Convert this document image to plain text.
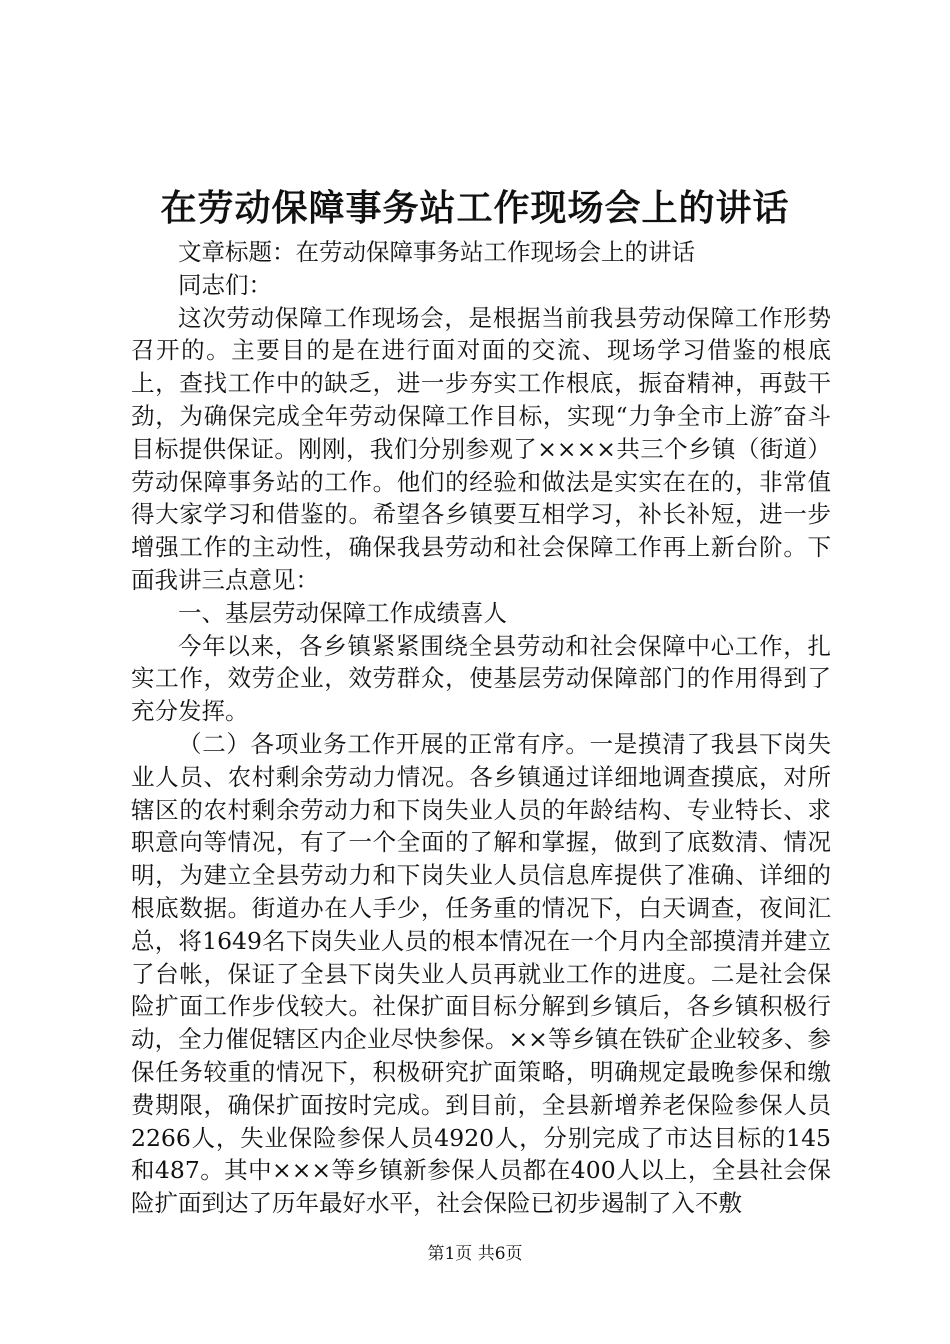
在劳动保障事务站工作现场会上的讲话

文章标题：在劳动保障事务站工作现场会上的讲话

同志们：

这次劳动保障工作现场会，是根据当前我县劳动保障工作形势召开的。主要目的是在进行面对面的交流、现场学习借鉴的根底上，查找工作中的缺乏，进一步夯实工作根底，振奋精神，再鼓干劲，为确保完成全年劳动保障工作目标，实现“力争全市上游″奋斗目标提供保证。刚刚，我们分别参观了××××共三个乡镇（街道）劳动保障事务站的工作。他们的经验和做法是实实在在的，非常值得大家学习和借鉴的。希望各乡镇要互相学习，补长补短，进一步增强工作的主动性，确保我县劳动和社会保障工作再上新台阶。下面我讲三点意见：

一、基层劳动保障工作成绩喜人

今年以来，各乡镇紧紧围绕全县劳动和社会保障中心工作，扎实工作，效劳企业，效劳群众，使基层劳动保障部门的作用得到了充分发挥。

（二）各项业务工作开展的正常有序。一是摸清了我县下岗失业人员、农村剩余劳动力情况。各乡镇通过详细地调查摸底，对所辖区的农村剩余劳动力和下岗失业人员的年龄结构、专业特长、求职意向等情况，有了一个全面的了解和掌握，做到了底数清、情况明，为建立全县劳动力和下岗失业人员信息库提供了准确、详细的根底数据。街道办在人手少，任务重的情况下，白天调查，夜间汇总，将1649名下岗失业人员的根本情况在一个月内全部摸清并建立了台帐，保证了全县下岗失业人员再就业工作的进度。二是社会保险扩面工作步伐较大。社保扩面目标分解到乡镇后，各乡镇积极行动，全力催促辖区内企业尽快参保。××等乡镇在铁矿企业较多、参保任务较重的情况下，积极研究扩面策略，明确规定最晚参保和缴费期限，确保扩面按时完成。到目前，全县新增养老保险参保人员2266人，失业保险参保人员4920人，分别完成了市达目标的145和487。其中×××等乡镇新参保人员都在400人以上，全县社会保险扩面到达了历年最好水平，社会保险已初步遏制了入不敷

第1页 共6页
